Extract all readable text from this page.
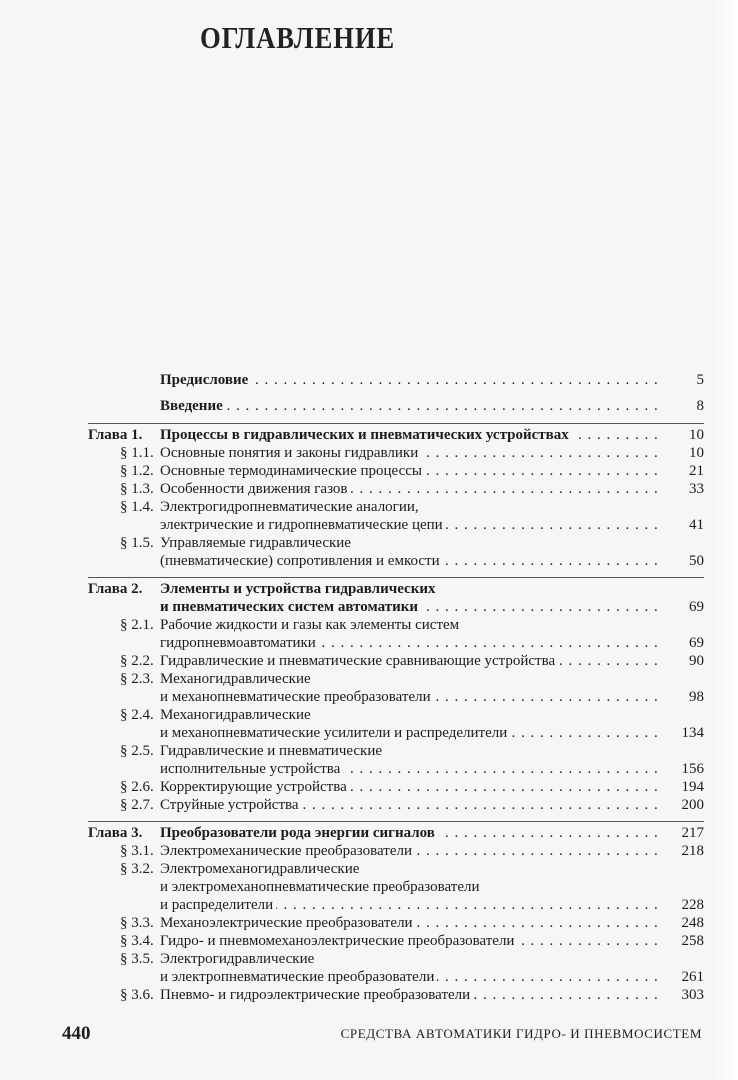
ОГЛАВЛЕНИЕ
Предисловие . . .	5
Введение . . .	8
Глава 1. Процессы в гидравлических и пневматических устройствах . . .	10
§ 1.1. Основные понятия и законы гидравлики . . .	10
§ 1.2. Основные термодинамические процессы . . .	21
§ 1.3. Особенности движения газов . . .	33
§ 1.4. Электрогидропневматические аналогии,
электрические и гидропневматические цепи . . .	41
§ 1.5. Управляемые гидравлические
(пневматические) сопротивления и емкости . . .	50
Глава 2. Элементы и устройства гидравлических
и пневматических систем автоматики . . .	69
§ 2.1. Рабочие жидкости и газы как элементы систем
гидропневмоавтоматики . . .	69
§ 2.2. Гидравлические и пневматические сравнивающие устройства . . .	90
§ 2.3. Механогидравлические
и механопневматические преобразователи . . .	98
§ 2.4. Механогидравлические
и механопневматические усилители и распределители . . .	134
§ 2.5. Гидравлические и пневматические
исполнительные устройства . . .	156
§ 2.6. Корректирующие устройства . . .	194
§ 2.7. Струйные устройства . . .	200
Глава 3. Преобразователи рода энергии сигналов . . .	217
§ 3.1. Электромеханические преобразователи . . .	218
§ 3.2. Электромеханогидравлические
и электромеханопневматические преобразователи
и распределители . . .	228
§ 3.3. Механоэлектрические преобразователи . . .	248
§ 3.4. Гидро- и пневмомеханоэлектрические преобразователи . . .	258
§ 3.5. Электрогидравлические
и электропневматические преобразователи . . .	261
§ 3.6. Пневмо- и гидроэлектрические преобразователи . . .	303
440	СРЕДСТВА АВТОМАТИКИ ГИДРО- И ПНЕВМОСИСТЕМ
